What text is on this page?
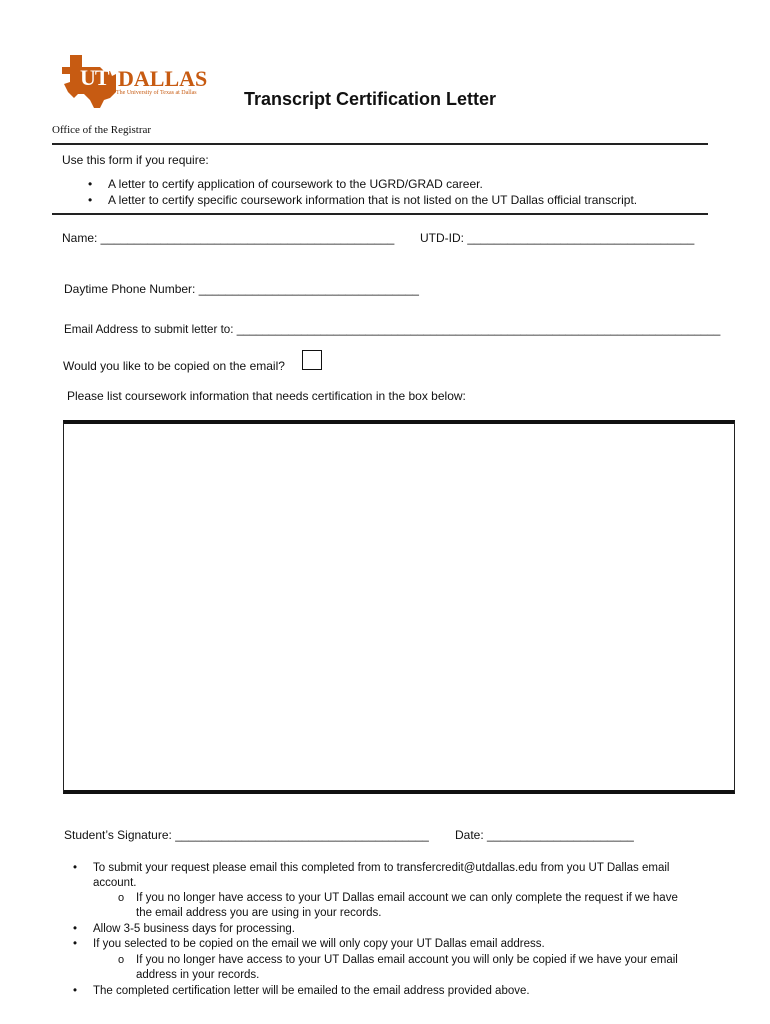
UT DALLAS
The University of Texas at Dallas	Transcript Certification Letter
Office of the Registrar
Use this form if you require:
• A letter to certify application of coursework to the UGRD/GRAD career.
• A letter to certify specific coursework information that is not listed on the UT Dallas official transcript.
Name: ____________________________________________ UTD-ID: __________________________________
Daytime Phone Number: _________________________________
Email Address to submit letter to: ___________________________________________________________________________
Would you like to be copied on the email?
Please list coursework information that needs certification in the box below:
Student’s Signature: ______________________________________ Date: ______________________
• To submit your request please email this completed from to transfercredit@utdallas.edu from you UT Dallas email
account.
o If you no longer have access to your UT Dallas email account we can only complete the request if we have
the email address you are using in your records.
• Allow 3-5 business days for processing.
• If you selected to be copied on the email we will only copy your UT Dallas email address.
o If you no longer have access to your UT Dallas email account you will only be copied if we have your email
address in your records.
• The completed certification letter will be emailed to the email address provided above.
